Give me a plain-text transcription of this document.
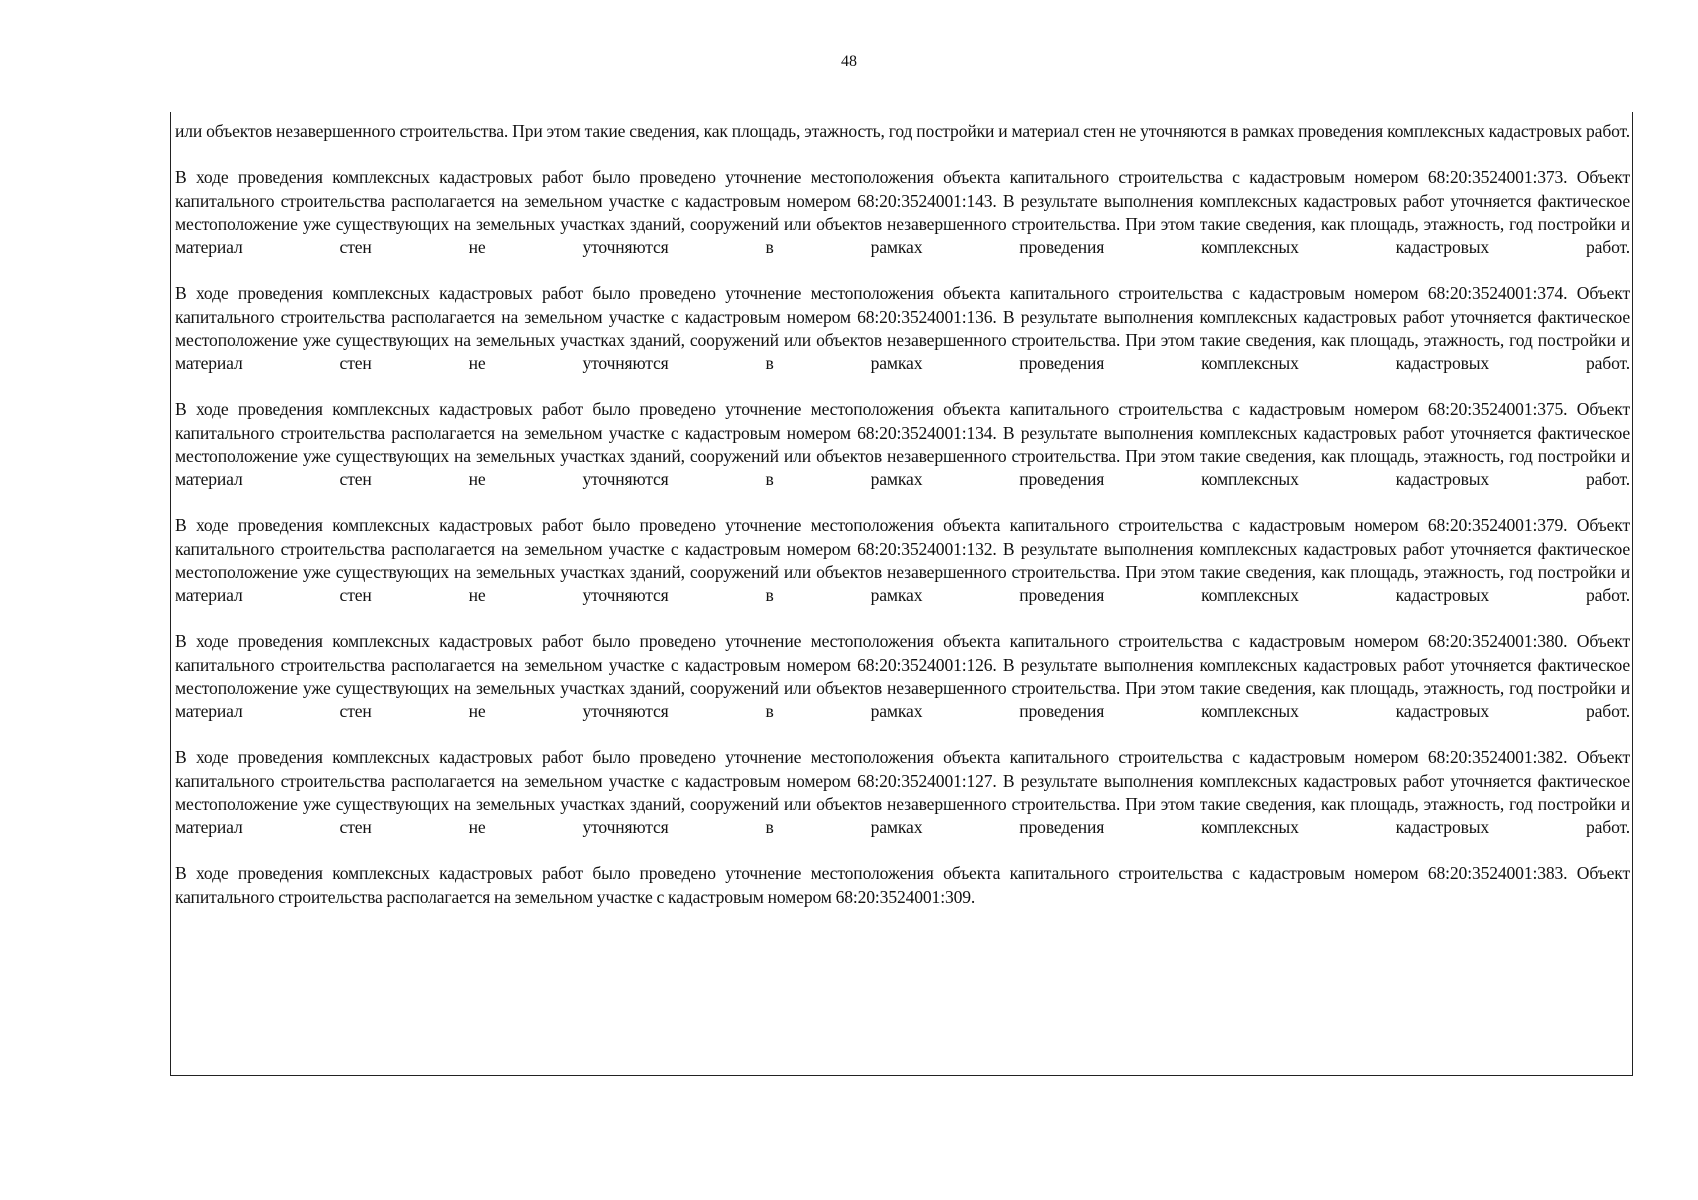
48

или объектов незавершенного строительства. При этом такие сведения, как площадь, этажность, год постройки и материал стен не уточняются в рамках проведения комплексных кадастровых работ.

В ходе проведения комплексных кадастровых работ было проведено уточнение местоположения объекта капитального строительства с кадастровым номером 68:20:3524001:373. Объект капитального строительства располагается на земельном участке с кадастровым номером 68:20:3524001:143. В результате выполнения комплексных кадастровых работ уточняется фактическое местоположение уже существующих на земельных участках зданий, сооружений или объектов незавершенного строительства. При этом такие сведения, как площадь, этажность, год постройки и материал стен не уточняются в рамках проведения комплексных кадастровых работ.

В ходе проведения комплексных кадастровых работ было проведено уточнение местоположения объекта капитального строительства с кадастровым номером 68:20:3524001:374. Объект капитального строительства располагается на земельном участке с кадастровым номером 68:20:3524001:136. В результате выполнения комплексных кадастровых работ уточняется фактическое местоположение уже существующих на земельных участках зданий, сооружений или объектов незавершенного строительства. При этом такие сведения, как площадь, этажность, год постройки и материал стен не уточняются в рамках проведения комплексных кадастровых работ.

В ходе проведения комплексных кадастровых работ было проведено уточнение местоположения объекта капитального строительства с кадастровым номером 68:20:3524001:375. Объект капитального строительства располагается на земельном участке с кадастровым номером 68:20:3524001:134. В результате выполнения комплексных кадастровых работ уточняется фактическое местоположение уже существующих на земельных участках зданий, сооружений или объектов незавершенного строительства. При этом такие сведения, как площадь, этажность, год постройки и материал стен не уточняются в рамках проведения комплексных кадастровых работ.

В ходе проведения комплексных кадастровых работ было проведено уточнение местоположения объекта капитального строительства с кадастровым номером 68:20:3524001:379. Объект капитального строительства располагается на земельном участке с кадастровым номером 68:20:3524001:132. В результате выполнения комплексных кадастровых работ уточняется фактическое местоположение уже существующих на земельных участках зданий, сооружений или объектов незавершенного строительства. При этом такие сведения, как площадь, этажность, год постройки и материал стен не уточняются в рамках проведения комплексных кадастровых работ.

В ходе проведения комплексных кадастровых работ было проведено уточнение местоположения объекта капитального строительства с кадастровым номером 68:20:3524001:380. Объект капитального строительства располагается на земельном участке с кадастровым номером 68:20:3524001:126. В результате выполнения комплексных кадастровых работ уточняется фактическое местоположение уже существующих на земельных участках зданий, сооружений или объектов незавершенного строительства. При этом такие сведения, как площадь, этажность, год постройки и материал стен не уточняются в рамках проведения комплексных кадастровых работ.

В ходе проведения комплексных кадастровых работ было проведено уточнение местоположения объекта капитального строительства с кадастровым номером 68:20:3524001:382. Объект капитального строительства располагается на земельном участке с кадастровым номером 68:20:3524001:127. В результате выполнения комплексных кадастровых работ уточняется фактическое местоположение уже существующих на земельных участках зданий, сооружений или объектов незавершенного строительства. При этом такие сведения, как площадь, этажность, год постройки и материал стен не уточняются в рамках проведения комплексных кадастровых работ.

В ходе проведения комплексных кадастровых работ было проведено уточнение местоположения объекта капитального строительства с кадастровым номером 68:20:3524001:383. Объект капитального строительства располагается на земельном участке с кадастровым номером 68:20:3524001:309.
